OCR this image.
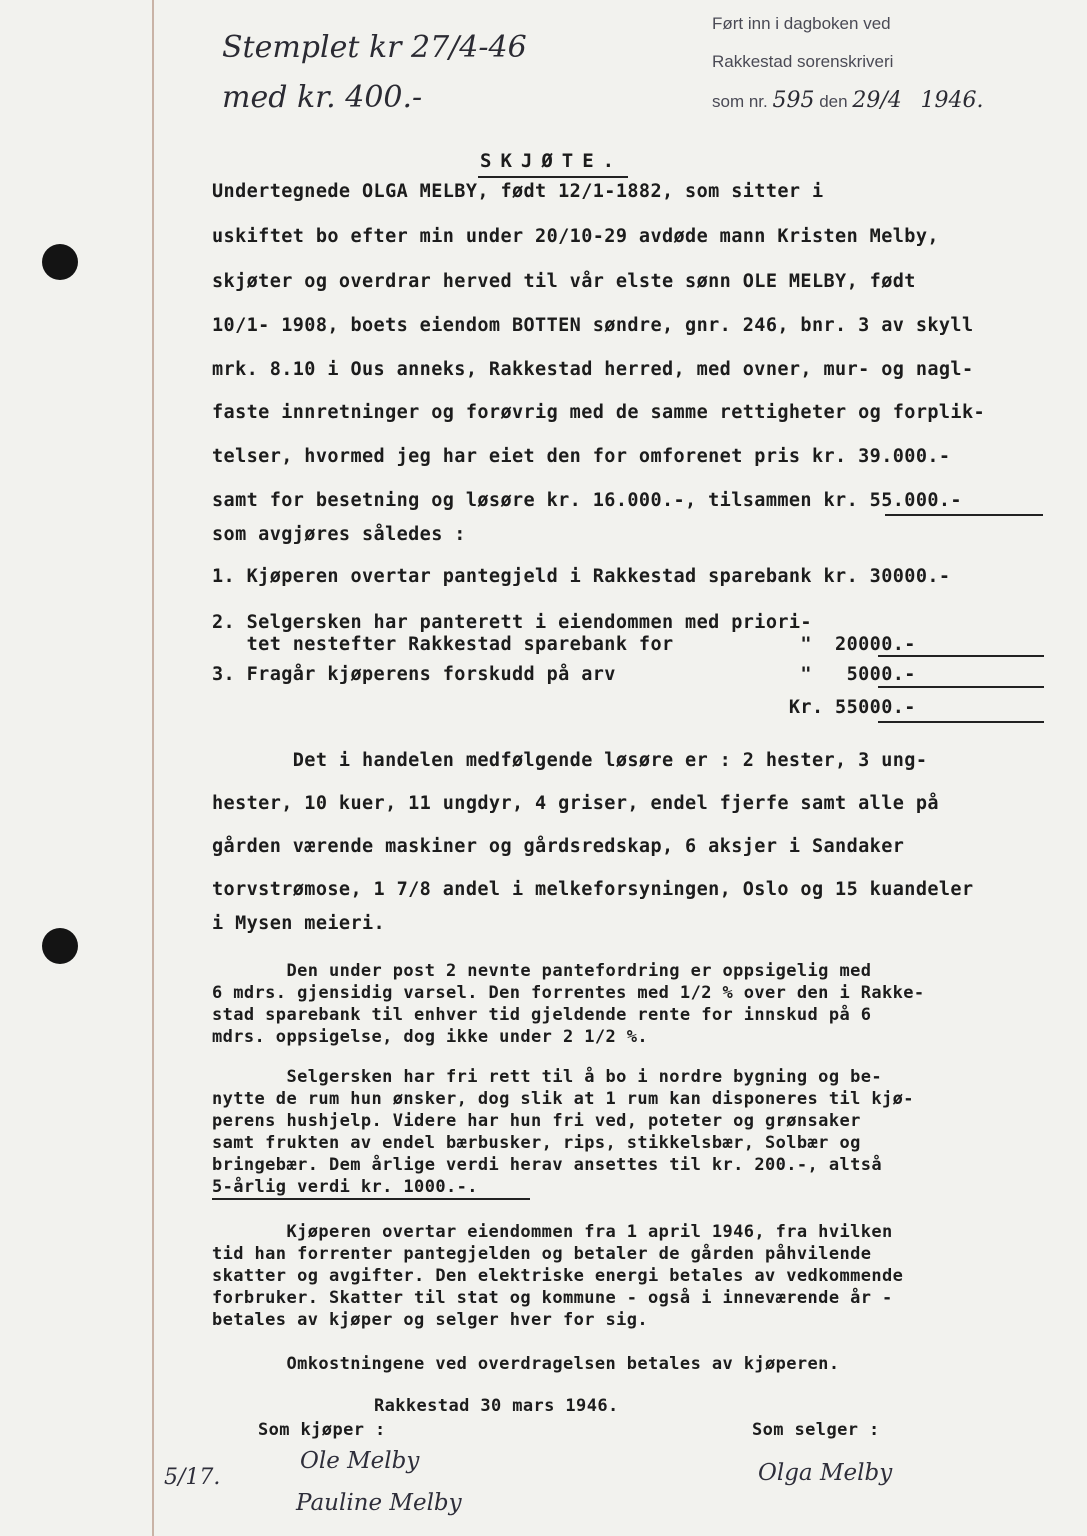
Stemplet kr 27/4-46
med kr. 400.-
Ført inn i dagboken ved
Rakkestad sorenskriveri
som nr. 595 den 29/4 1946.
SKJØTE.
Undertegnede OLGA MELBY, født 12/1-1882, som sitter i
uskiftet bo efter min under 20/10-29 avdøde mann Kristen Melby,
skjøter og overdrar herved til vår elste sønn OLE MELBY, født
10/1- 1908, boets eiendom BOTTEN søndre, gnr. 246, bnr. 3 av skyll
mrk. 8.10 i Ous anneks, Rakkestad herred, med ovner, mur- og nagl-
faste innretninger og forøvrig med de samme rettigheter og forplik-
telser, hvormed jeg har eiet den for omforenet pris kr. 39.000.-
samt for besetning og løsøre kr. 16.000.-, tilsammen kr. 55.000.-
som avgjøres således :
1. Kjøperen overtar pantegjeld i Rakkestad sparebank kr. 30000.-
2. Selgersken har panterett i eiendommen med priori-
tet nestefter Rakkestad sparebank for           "  20000.-
3. Fragår kjøperens forskudd på arv                "   5000.-
Kr. 55000.-
Det i handelen medfølgende løsøre er : 2 hester, 3 ung-
hester, 10 kuer, 11 ungdyr, 4 griser, endel fjerfe samt alle på
gården værende maskiner og gårdsredskap, 6 aksjer i Sandaker
torvstrømose, 1 7/8 andel i melkeforsyningen, Oslo og 15 kuandeler
i Mysen meieri.
Den under post 2 nevnte pantefordring er oppsigelig med
6 mdrs. gjensidig varsel. Den forrentes med 1/2 % over den i Rakke-
stad sparebank til enhver tid gjeldende rente for innskud på 6
mdrs. oppsigelse, dog ikke under 2 1/2 %.
Selgersken har fri rett til å bo i nordre bygning og be-
nytte de rum hun ønsker, dog slik at 1 rum kan disponeres til kjø-
perens hushjelp. Videre har hun fri ved, poteter og grønsaker
samt frukten av endel bærbusker, rips, stikkelsbær, Solbær og
bringebær. Dem årlige verdi herav ansettes til kr. 200.-, altså
5-årlig verdi kr. 1000.-.
Kjøperen overtar eiendommen fra 1 april 1946, fra hvilken
tid han forrenter pantegjelden og betaler de gården påhvilende
skatter og avgifter. Den elektriske energi betales av vedkommende
forbruker. Skatter til stat og kommune - også i inneværende år -
betales av kjøper og selger hver for sig.
Omkostningene ved overdragelsen betales av kjøperen.
Rakkestad 30 mars 1946.
Som kjøper :	Som selger :
5/17.
Ole Melby
Pauline Melby
Olga Melby
